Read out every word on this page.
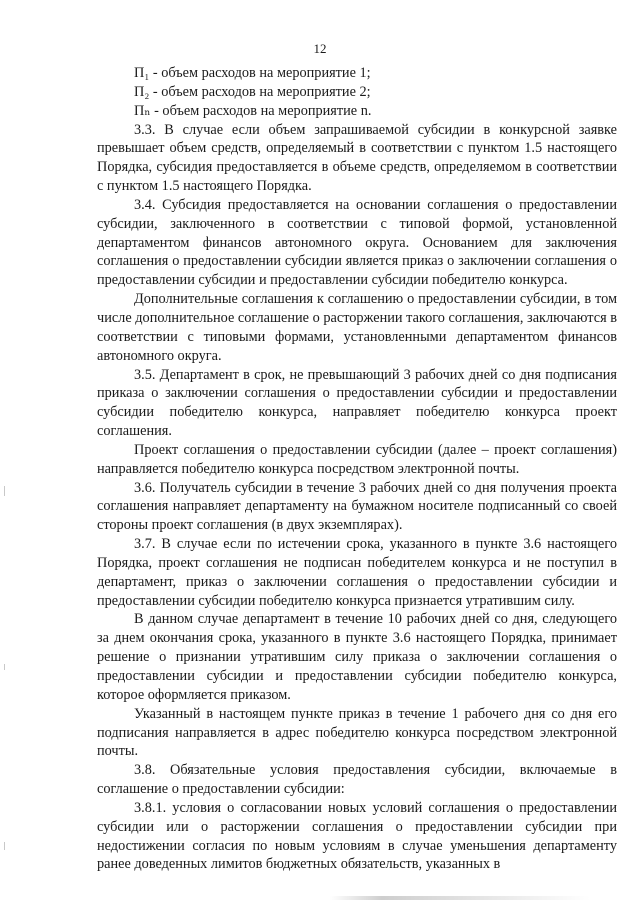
12

П₁ - объем расходов на мероприятие 1;

П₂ - объем расходов на мероприятие 2;

Пₙ - объем расходов на мероприятие n.

3.3. В случае если объем запрашиваемой субсидии в конкурсной заявке превышает объем средств, определяемый в соответствии с пунктом 1.5 настоящего Порядка, субсидия предоставляется в объеме средств, определяемом в соответствии с пунктом 1.5 настоящего Порядка.

3.4. Субсидия предоставляется на основании соглашения о предоставлении субсидии, заключенного в соответствии с типовой формой, установленной департаментом финансов автономного округа. Основанием для заключения соглашения о предоставлении субсидии является приказ о заключении соглашения о предоставлении субсидии и предоставлении субсидии победителю конкурса.

Дополнительные соглашения к соглашению о предоставлении субсидии, в том числе дополнительное соглашение о расторжении такого соглашения, заключаются в соответствии с типовыми формами, установленными департаментом финансов автономного округа.

3.5. Департамент в срок, не превышающий 3 рабочих дней со дня подписания приказа о заключении соглашения о предоставлении субсидии и предоставлении субсидии победителю конкурса, направляет победителю конкурса проект соглашения.

Проект соглашения о предоставлении субсидии (далее – проект соглашения) направляется победителю конкурса посредством электронной почты.

3.6. Получатель субсидии в течение 3 рабочих дней со дня получения проекта соглашения направляет департаменту на бумажном носителе подписанный со своей стороны проект соглашения (в двух экземплярах).

3.7. В случае если по истечении срока, указанного в пункте 3.6 настоящего Порядка, проект соглашения не подписан победителем конкурса и не поступил в департамент, приказ о заключении соглашения о предоставлении субсидии и предоставлении субсидии победителю конкурса признается утратившим силу.

В данном случае департамент в течение 10 рабочих дней со дня, следующего за днем окончания срока, указанного в пункте 3.6 настоящего Порядка, принимает решение о признании утратившим силу приказа о заключении соглашения о предоставлении субсидии и предоставлении субсидии победителю конкурса, которое оформляется приказом.

Указанный в настоящем пункте приказ в течение 1 рабочего дня со дня его подписания направляется в адрес победителю конкурса посредством электронной почты.

3.8. Обязательные условия предоставления субсидии, включаемые в соглашение о предоставлении субсидии:

3.8.1. условия о согласовании новых условий соглашения о предоставлении субсидии или о расторжении соглашения о предоставлении субсидии при недостижении согласия по новым условиям в случае уменьшения департаменту ранее доведенных лимитов бюджетных обязательств, указанных в
